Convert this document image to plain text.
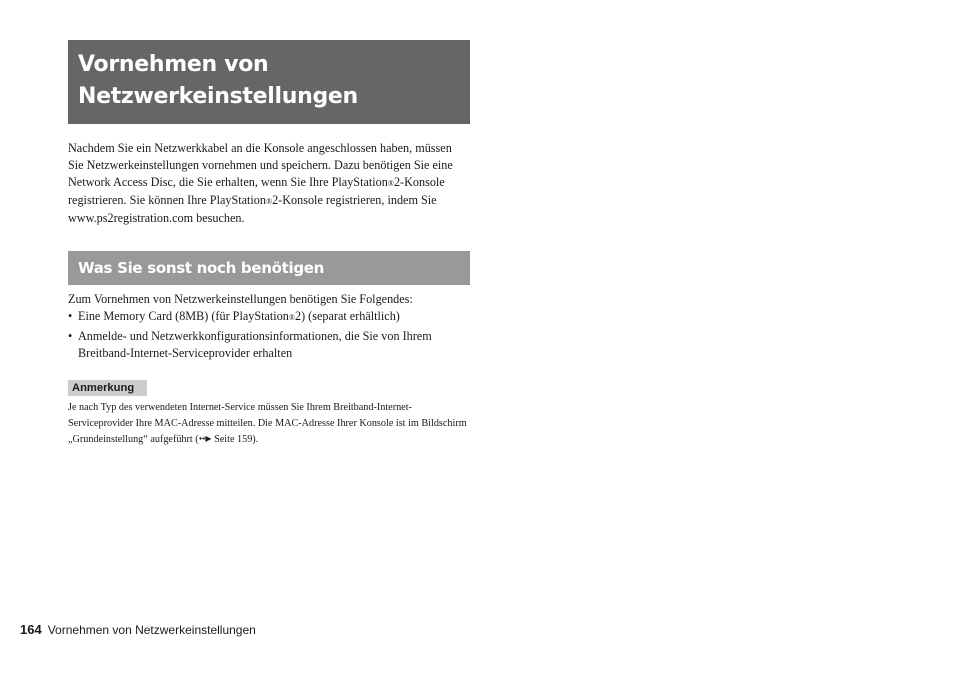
Vornehmen von
Netzwerkeinstellungen

Nachdem Sie ein Netzwerkkabel an die Konsole angeschlossen haben, müssen Sie Netzwerkeinstellungen vornehmen und speichern. Dazu benötigen Sie eine Network Access Disc, die Sie erhalten, wenn Sie Ihre PlayStation®2-Konsole registrieren. Sie können Ihre PlayStation®2-Konsole registrieren, indem Sie www.ps2registration.com besuchen.

Was Sie sonst noch benötigen

Zum Vornehmen von Netzwerkeinstellungen benötigen Sie Folgendes:

• Eine Memory Card (8MB) (für PlayStation®2) (separat erhältlich)
• Anmelde- und Netzwerkkonfigurationsinformationen, die Sie von Ihrem Breitband-Internet-Serviceprovider erhalten
Anmerkung

Je nach Typ des verwendeten Internet-Service müssen Sie Ihrem Breitband-Internet-Serviceprovider Ihre MAC-Adresse mitteilen. Die MAC-Adresse Ihrer Konsole ist im Bildschirm „Grundeinstellung“ aufgeführt (↔▶ Seite 159).

164 Vornehmen von Netzwerkeinstellungen
